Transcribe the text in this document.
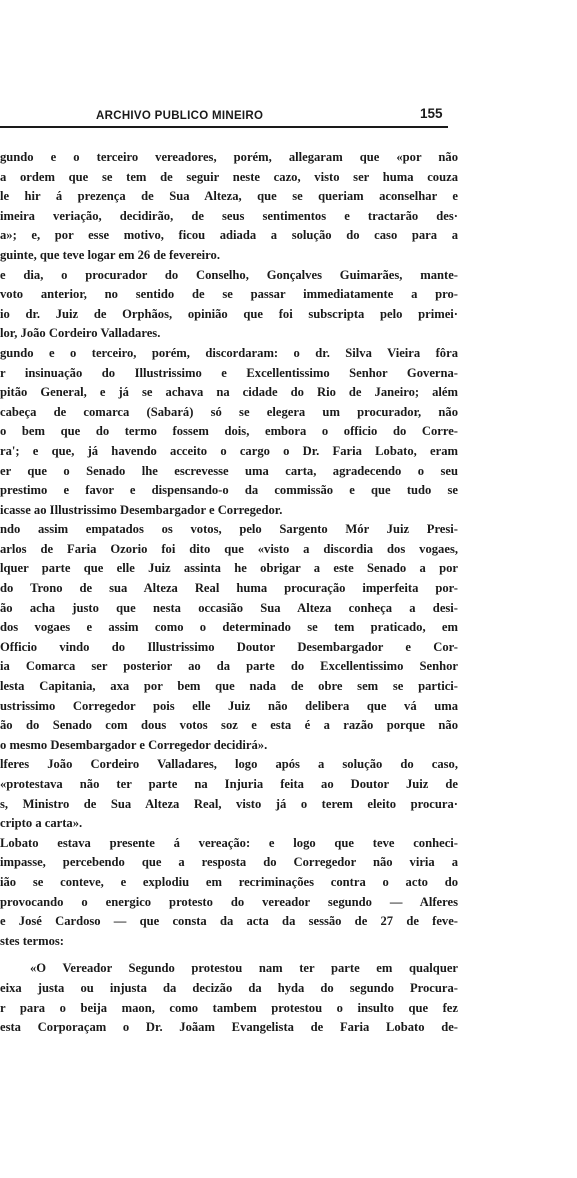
ARCHIVO PUBLICO MINEIRO	155
gundo e o terceiro vereadores, porém, allegaram que «por não
a ordem que se tem de seguir neste cazo, visto ser huma couza
le hir á prezença de Sua Alteza, que se queriam aconselhar e
imeira veriação, decidirão, de seus sentimentos e tractarão des·
a»; e, por esse motivo, ficou adiada a solução do caso para a
guinte, que teve logar em 26 de fevereiro.
e dia, o procurador do Conselho, Gonçalves Guimarães, mante-
voto anterior, no sentido de se passar immediatamente a pro-
io dr. Juiz de Orphãos, opinião que foi subscripta pelo primei·
lor, João Cordeiro Valladares.
gundo e o terceiro, porém, discordaram: o dr. Silva Vieira fôra
r insinuação do Illustrissimo e Excellentissimo Senhor Governa-
pitão General, e já se achava na cidade do Rio de Janeiro; além
cabeça de comarca (Sabará) só se elegera um procurador, não
o bem que do termo fossem dois, embora o officio do Corre-
ra'; e que, já havendo acceito o cargo o Dr. Faria Lobato, eram
er que o Senado lhe escrevesse uma carta, agradecendo o seu
prestimo e favor e dispensando-o da commissão e que tudo se
icasse ao Illustrissimo Desembargador e Corregedor.
ndo assim empatados os votos, pelo Sargento Mór Juiz Presi-
arlos de Faria Ozorio foi dito que «visto a discordia dos vogaes,
lquer parte que elle Juiz assinta he obrigar a este Senado a por
do Trono de sua Alteza Real huma procuração imperfeita por-
ão acha justo que nesta occasião Sua Alteza conheça a desi-
dos vogaes e assim como o determinado se tem praticado, em
Officio vindo do Illustrissimo Doutor Desembargador e Cor-
ia Comarca ser posterior ao da parte do Excellentissimo Senhor
lesta Capitania, axa por bem que nada de obre sem se partici-
ustrissimo Corregedor pois elle Juiz não delibera que vá uma
ão do Senado com dous votos soz e esta é a razão porque não
o mesmo Desembargador e Corregedor decidirá».
lferes João Cordeiro Valladares, logo após a solução do caso,
«protestava não ter parte na Injuria feita ao Doutor Juiz de
s, Ministro de Sua Alteza Real, visto já o terem eleito procura·
cripto a carta».
Lobato estava presente á vereação: e logo que teve conheci-
impasse, percebendo que a resposta do Corregedor não viria a
ião se conteve, e explodiu em recriminações contra o acto do
provocando o energico protesto do vereador segundo — Alferes
e José Cardoso — que consta da acta da sessão de 27 de feve-
stes termos:
«O Vereador Segundo protestou nam ter parte em qualquer
eixa justa ou injusta da decizão da hyda do segundo Procura-
r para o beija maon, como tambem protestou o insulto que fez
esta Corporaçam o Dr. Joãam Evangelista de Faria Lobato de-
